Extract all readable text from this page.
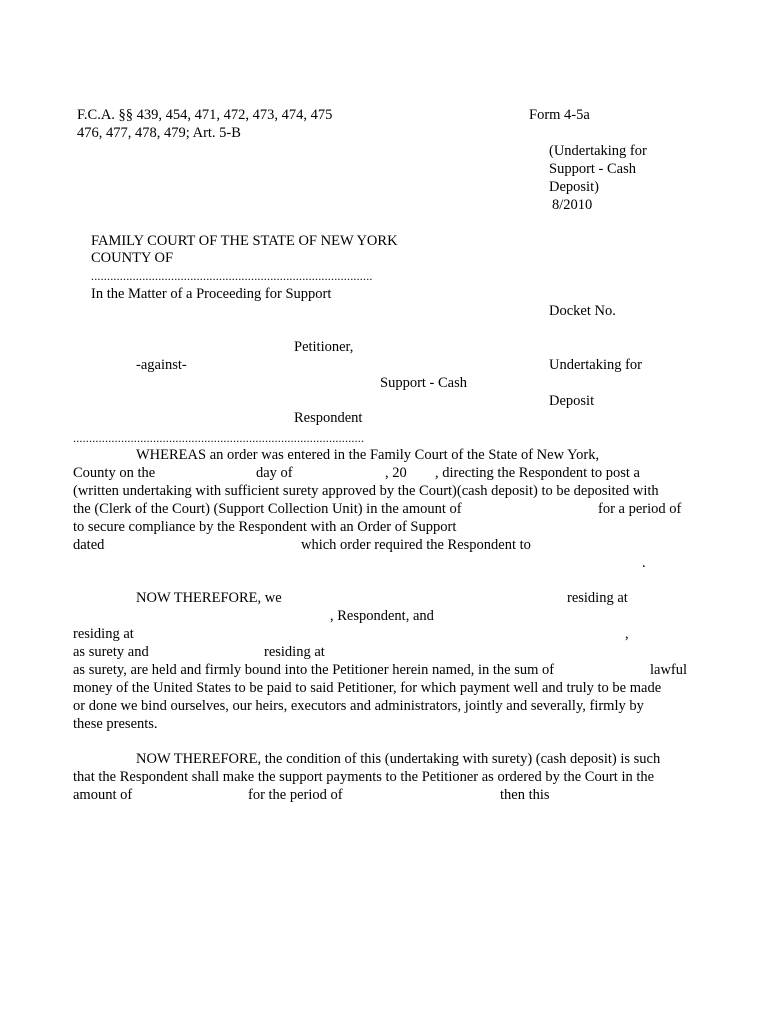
F.C.A. §§ 439, 454, 471, 472, 473, 474, 475
476, 477, 478, 479; Art. 5-B
Form 4-5a
(Undertaking for
Support - Cash
Deposit)
8/2010
FAMILY COURT OF THE STATE OF NEW YORK
COUNTY OF
........................................................................................
In the Matter of a Proceeding for Support
Docket No.
Petitioner,
-against-	Undertaking for
Support - Cash
Deposit
Respondent
...........................................................................................
WHEREAS an order was entered in the Family Court of the State of New York,
County on the	day of	, 20 , directing the Respondent to post a
(written undertaking with sufficient surety approved by the Court)(cash deposit) to be deposited with
the (Clerk of the Court) (Support Collection Unit) in the amount of	for a period of
to secure compliance by the Respondent with an Order of Support
dated	which order required the Respondent to
.
NOW THEREFORE, we	residing at
, Respondent, and
residing at	,
as surety and	residing at
as surety, are held and firmly bound into the Petitioner herein named, in the sum of	lawful
money of the United States to be paid to said Petitioner, for which payment well and truly to be made
or done we bind ourselves, our heirs, executors and administrators, jointly and severally, firmly by
these presents.
NOW THEREFORE, the condition of this (undertaking with surety) (cash deposit) is such
that the Respondent shall make the support payments to the Petitioner as ordered by the Court in the
amount of	for the period of	then this
